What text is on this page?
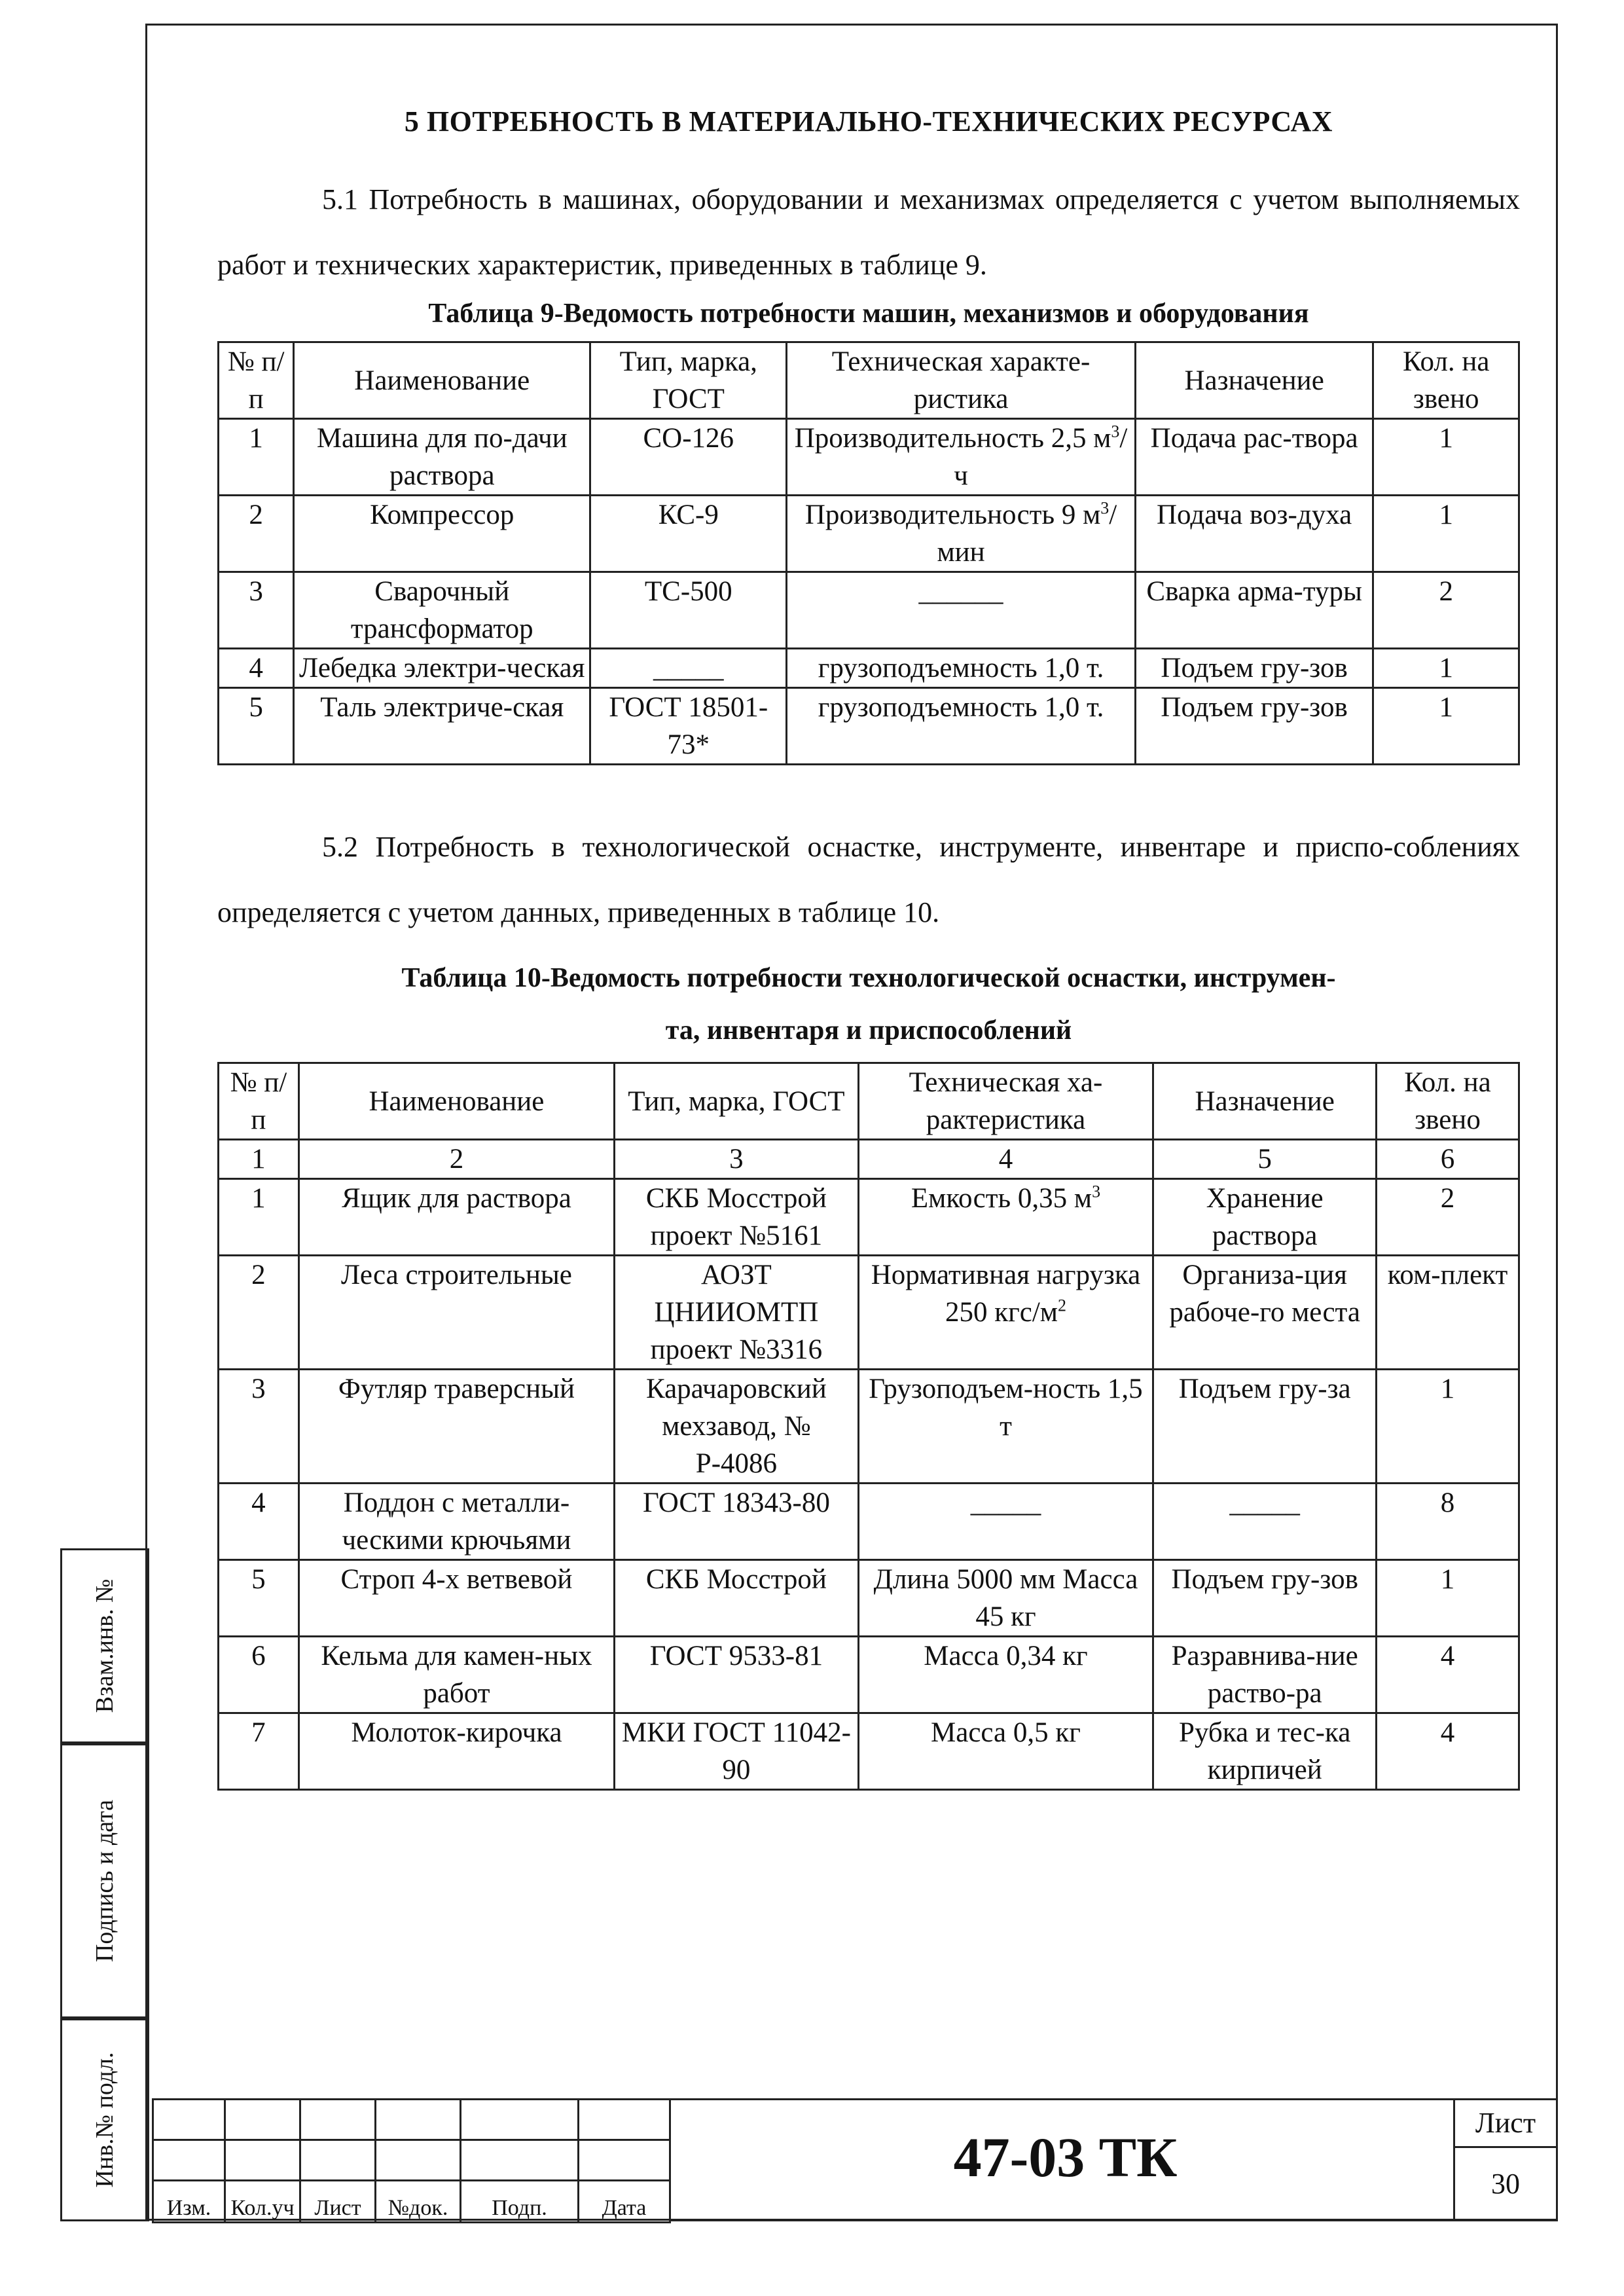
Взам.инв. №
Подпись и дата
Инв.№ подл.
5 ПОТРЕБНОСТЬ В МАТЕРИАЛЬНО-ТЕХНИЧЕСКИХ РЕСУРСАХ

5.1 Потребность в машинах, оборудовании и механизмах определяется с учетом выполняемых работ и технических характеристик, приведенных в таблице 9.

Таблица 9-Ведомость потребности машин, механизмов и оборудования
№ п/п	Наименование	Тип, марка, ГОСТ	Техническая характе-ристика	Назначение	Кол. на звено
1	Машина для по-дачи раствора	СО-126	Производительность 2,5 $м^3/ч$	Подача рас-твора	1
2	Компрессор	КС-9	Производительность 9 $м^3$/мин	Подача воз-духа	1
3	Сварочный трансформатор	ТС-500	______	Сварка арма-туры	2
4	Лебедка электри-ческая	_____	грузоподъемность 1,0 т.	Подъем гру-зов	1
5	Таль электриче-ская	ГОСТ 18501-73*	грузоподъемность 1,0 т.	Подъем гру-зов	1

5.2 Потребность в технологической оснастке, инструменте, инвентаре и приспо-соблениях определяется с учетом данных, приведенных в таблице 10.

Таблица 10-Ведомость потребности технологической оснастки, инструмен-
та, инвентаря и приспособлений
№ п/п	Наименование	Тип, марка, ГОСТ	Техническая ха-рактеристика	Назначение	Кол. на звено
1	2	3	4	5	6
1	Ящик для раствора	СКБ Мосстрой проект №5161	Емкость 0,35 $м^3$	Хранение раствора	2
2	Леса строительные	АОЗТ ЦНИИОМТП проект №3316	Нормативная нагрузка 250 кгс/$м^2$	Организа-ция рабоче-го места	ком-плект
3	Футляр траверсный	Карачаровский мехзавод, № Р-4086	Грузоподъем-ность 1,5 т	Подъем гру-за	1
4	Поддон с металли-ческими крючьями	ГОСТ 18343-80	_____	_____	8
5	Строп 4-х ветвевой	СКБ Мосстрой	Длина 5000 мм Масса 45 кг	Подъем гру-зов	1
6	Кельма для камен-ных работ	ГОСТ 9533-81	Масса 0,34 кг	Разравнива-ние раство-ра	4
7	Молоток-кирочка	МКИ ГОСТ 11042-90	Масса 0,5 кг	Рубка и тес-ка кирпичей	4

Изм.	Кол.уч	Лист	№док.	Подп.	Дата
Лист
30
47-03 ТК
